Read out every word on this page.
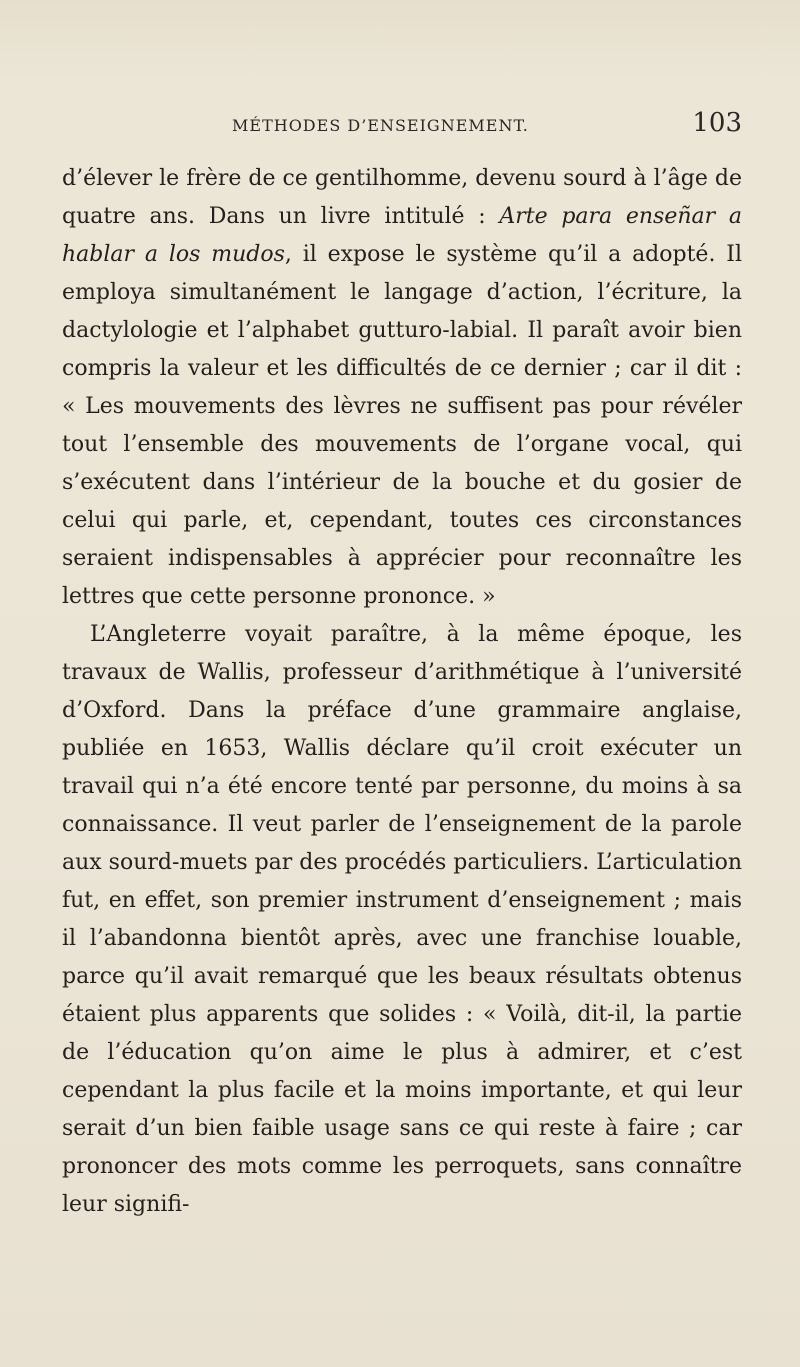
MÉTHODES D’ENSEIGNEMENT.	103

d’élever le frère de ce gentilhomme, devenu sourd à l’âge de quatre ans. Dans un livre intitulé : Arte para enseñar a hablar a los mudos, il expose le système qu’il a adopté. Il employa simultanément le langage d’action, l’écriture, la dactylologie et l’alphabet gutturo-labial. Il paraît avoir bien compris la valeur et les difficultés de ce dernier ; car il dit : « Les mouvements des lèvres ne suffisent pas pour révéler tout l’ensemble des mouvements de l’organe vocal, qui s’exécutent dans l’intérieur de la bouche et du gosier de celui qui parle, et, cependant, toutes ces circonstances seraient indispensables à apprécier pour reconnaître les lettres que cette personne prononce. »

L’Angleterre voyait paraître, à la même époque, les travaux de Wallis, professeur d’arithmétique à l’université d’Oxford. Dans la préface d’une grammaire anglaise, publiée en 1653, Wallis déclare qu’il croit exécuter un travail qui n’a été encore tenté par personne, du moins à sa connaissance. Il veut parler de l’enseignement de la parole aux sourd-muets par des procédés particuliers. L’articulation fut, en effet, son premier instrument d’enseignement ; mais il l’abandonna bientôt après, avec une franchise louable, parce qu’il avait remarqué que les beaux résultats obtenus étaient plus apparents que solides : « Voilà, dit-il, la partie de l’éducation qu’on aime le plus à admirer, et c’est cependant la plus facile et la moins importante, et qui leur serait d’un bien faible usage sans ce qui reste à faire ; car prononcer des mots comme les perroquets, sans connaître leur signifi-
